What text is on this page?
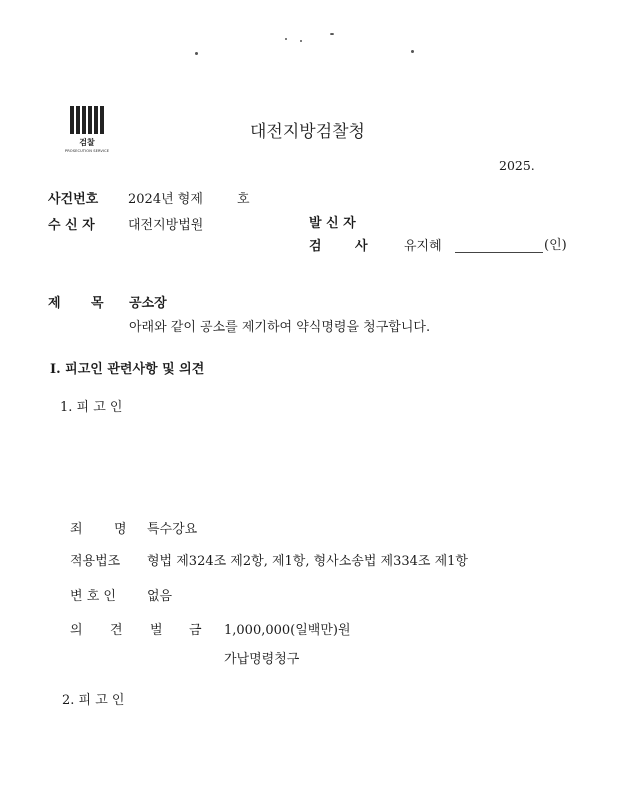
검찰
PROSECUTION SERVICE
대전지방검찰청
2025.
사건번호 2024년 형제	호
수 신 자	대전지방법원	발 신 자
검	사	유지혜	(인)
제 목 공소장
아래와 같이 공소를 제기하여 약식명령을 청구합니다.
I. 피고인 관련사항 및 의견
1. 피 고 인
죄 명 특수강요
적용법조 형법 제324조 제2항, 제1항, 형사소송법 제334조 제1항
변 호 인 없음
의 견 벌 금 1,000,000(일백만)원
가납명령청구
2. 피 고 인
